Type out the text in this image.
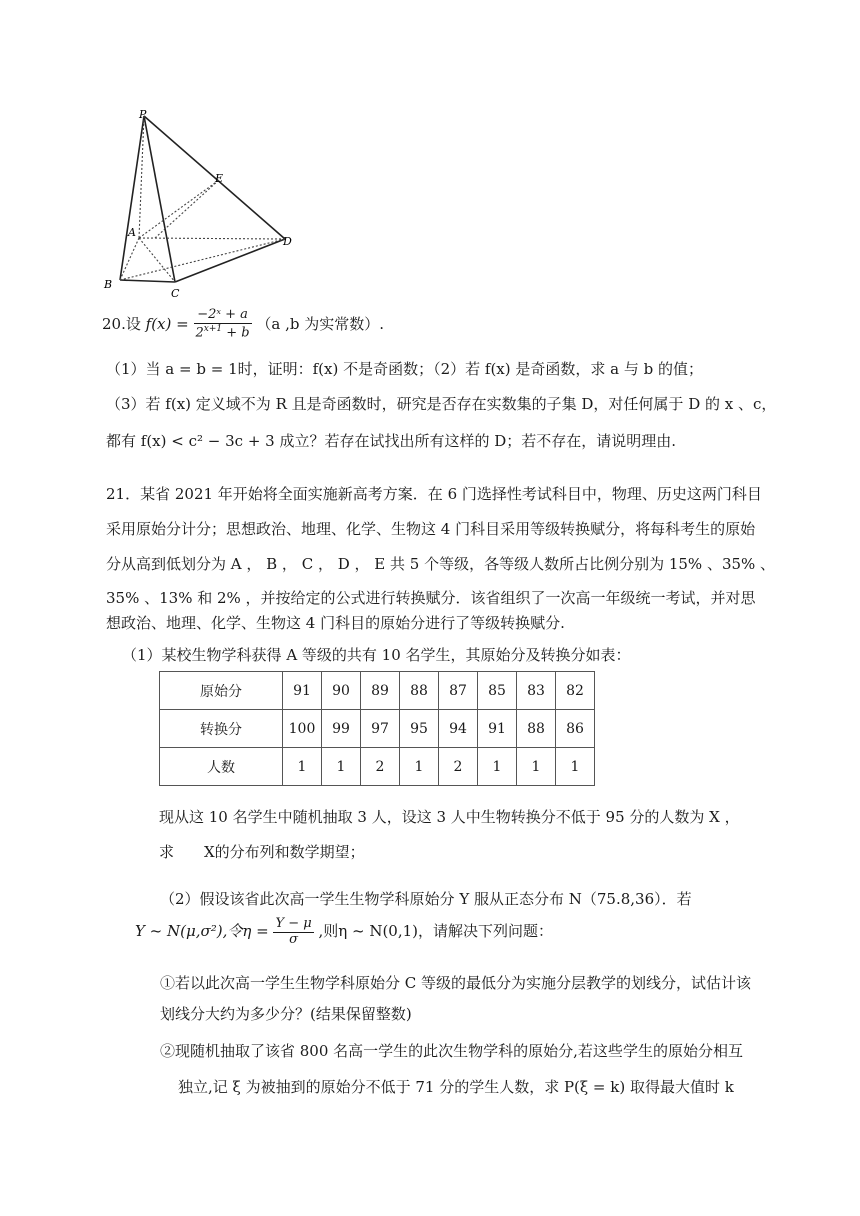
P
E
A
D
B
C
20.设 $f(x) = \frac{\text{−2ˣ + a}}{2^{x+1} + b} (a$ ,b 为实常数）.
（1）当 a = b = 1时，证明：f(x) 不是奇函数；（2）若 f(x) 是奇函数，求 a 与 b 的值；
（3）若 f(x) 定义域不为 R 且是奇函数时，研究是否存在实数集的子集 D，对任何属于 D 的 x 、c，
都有 f(x) < c² − 3c + 3 成立？若存在试找出所有这样的 D；若不存在，请说明理由.
21．某省 2021 年开始将全面实施新高考方案．在 6 门选择性考试科目中，物理、历史这两门科目
采用原始分计分；思想政治、地理、化学、生物这 4 门科目采用等级转换赋分，将每科考生的原始
分从高到低划分为 A ， B ， C ， D ， E 共 5 个等级，各等级人数所占比例分别为 15% 、35% 、
35% 、13% 和 2% ，并按给定的公式进行转换赋分．该省组织了一次高一年级统一考试，并对思
想政治、地理、化学、生物这 4 门科目的原始分进行了等级转换赋分.
（1）某校生物学科获得 A 等级的共有 10 名学生，其原始分及转换分如表：
原始分	91	90	89	88	87	85	83	82
转换分	100	99	97	95	94	91	88	86
人数	1	1	2	1	2	1	1	1
现从这 10 名学生中随机抽取 3 人，设这 3 人中生物转换分不低于 95 分的人数为 X ，
求　　X的分布列和数学期望；
（2）假设该省此次高一学生生物学科原始分 Y 服从正态分布 N（75.8,36）．若
Y ~ N(μ,σ²),令$\eta = \frac{Y - \mu}{\sigma}$ ,则η ~ N(0,1)，请解决下列问题：
①若以此次高一学生生物学科原始分 C 等级的最低分为实施分层教学的划线分，试估计该
划线分大约为多少分？(结果保留整数)
②现随机抽取了该省 800 名高一学生的此次生物学科的原始分,若这些学生的原始分相互
独立,记 ξ 为被抽到的原始分不低于 71 分的学生人数，求 P(ξ = k) 取得最大值时 k
